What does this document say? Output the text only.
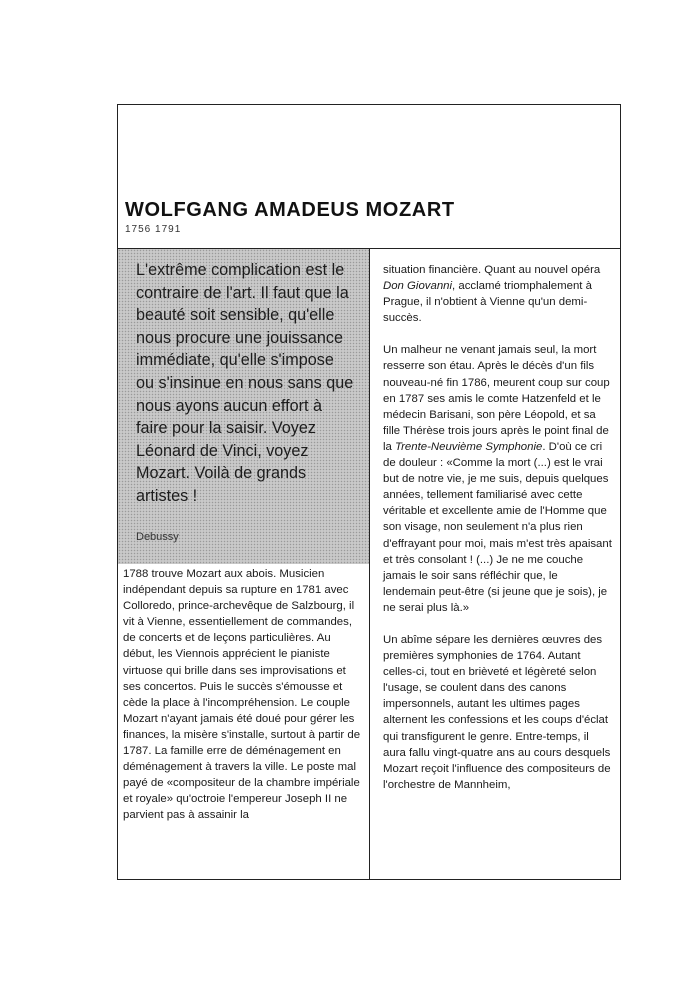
WOLFGANG AMADEUS MOZART
1756 1791

L'extrême complication est le contraire de l'art. Il faut que la beauté soit sensible, qu'elle nous procure une jouissance immédiate, qu'elle s'impose ou s'insinue en nous sans que nous ayons aucun effort à faire pour la saisir. Voyez Léonard de Vinci, voyez Mozart. Voilà de grands artistes !

Debussy

1788 trouve Mozart aux abois. Musicien indépendant depuis sa rupture en 1781 avec Colloredo, prince-archevêque de Salzbourg, il vit à Vienne, essentiellement de commandes, de concerts et de leçons particulières. Au début, les Viennois apprécient le pianiste virtuose qui brille dans ses improvisations et ses concertos. Puis le succès s'émousse et cède la place à l'incompréhension. Le couple Mozart n'ayant jamais été doué pour gérer les finances, la misère s'installe, surtout à partir de 1787. La famille erre de déménagement en déménagement à travers la ville. Le poste mal payé de «compositeur de la chambre impériale et royale» qu'octroie l'empereur Joseph II ne parvient pas à assainir la

situation financière. Quant au nouvel opéra Don Giovanni, acclamé triomphalement à Prague, il n'obtient à Vienne qu'un demi-succès.

Un malheur ne venant jamais seul, la mort resserre son étau. Après le décès d'un fils nouveau-né fin 1786, meurent coup sur coup en 1787 ses amis le comte Hatzenfeld et le médecin Barisani, son père Léopold, et sa fille Thérèse trois jours après le point final de la Trente-Neuvième Symphonie. D'où ce cri de douleur : «Comme la mort (...) est le vrai but de notre vie, je me suis, depuis quelques années, tellement familiarisé avec cette véritable et excellente amie de l'Homme que son visage, non seulement n'a plus rien d'effrayant pour moi, mais m'est très apaisant et très consolant ! (...) Je ne me couche jamais le soir sans réfléchir que, le lendemain peut-être (si jeune que je sois), je ne serai plus là.»

Un abîme sépare les dernières œuvres des premières symphonies de 1764. Autant celles-ci, tout en brièveté et légèreté selon l'usage, se coulent dans des canons impersonnels, autant les ultimes pages alternent les confessions et les coups d'éclat qui transfigurent le genre. Entre-temps, il aura fallu vingt-quatre ans au cours desquels Mozart reçoit l'influence des compositeurs de l'orchestre de Mannheim,
